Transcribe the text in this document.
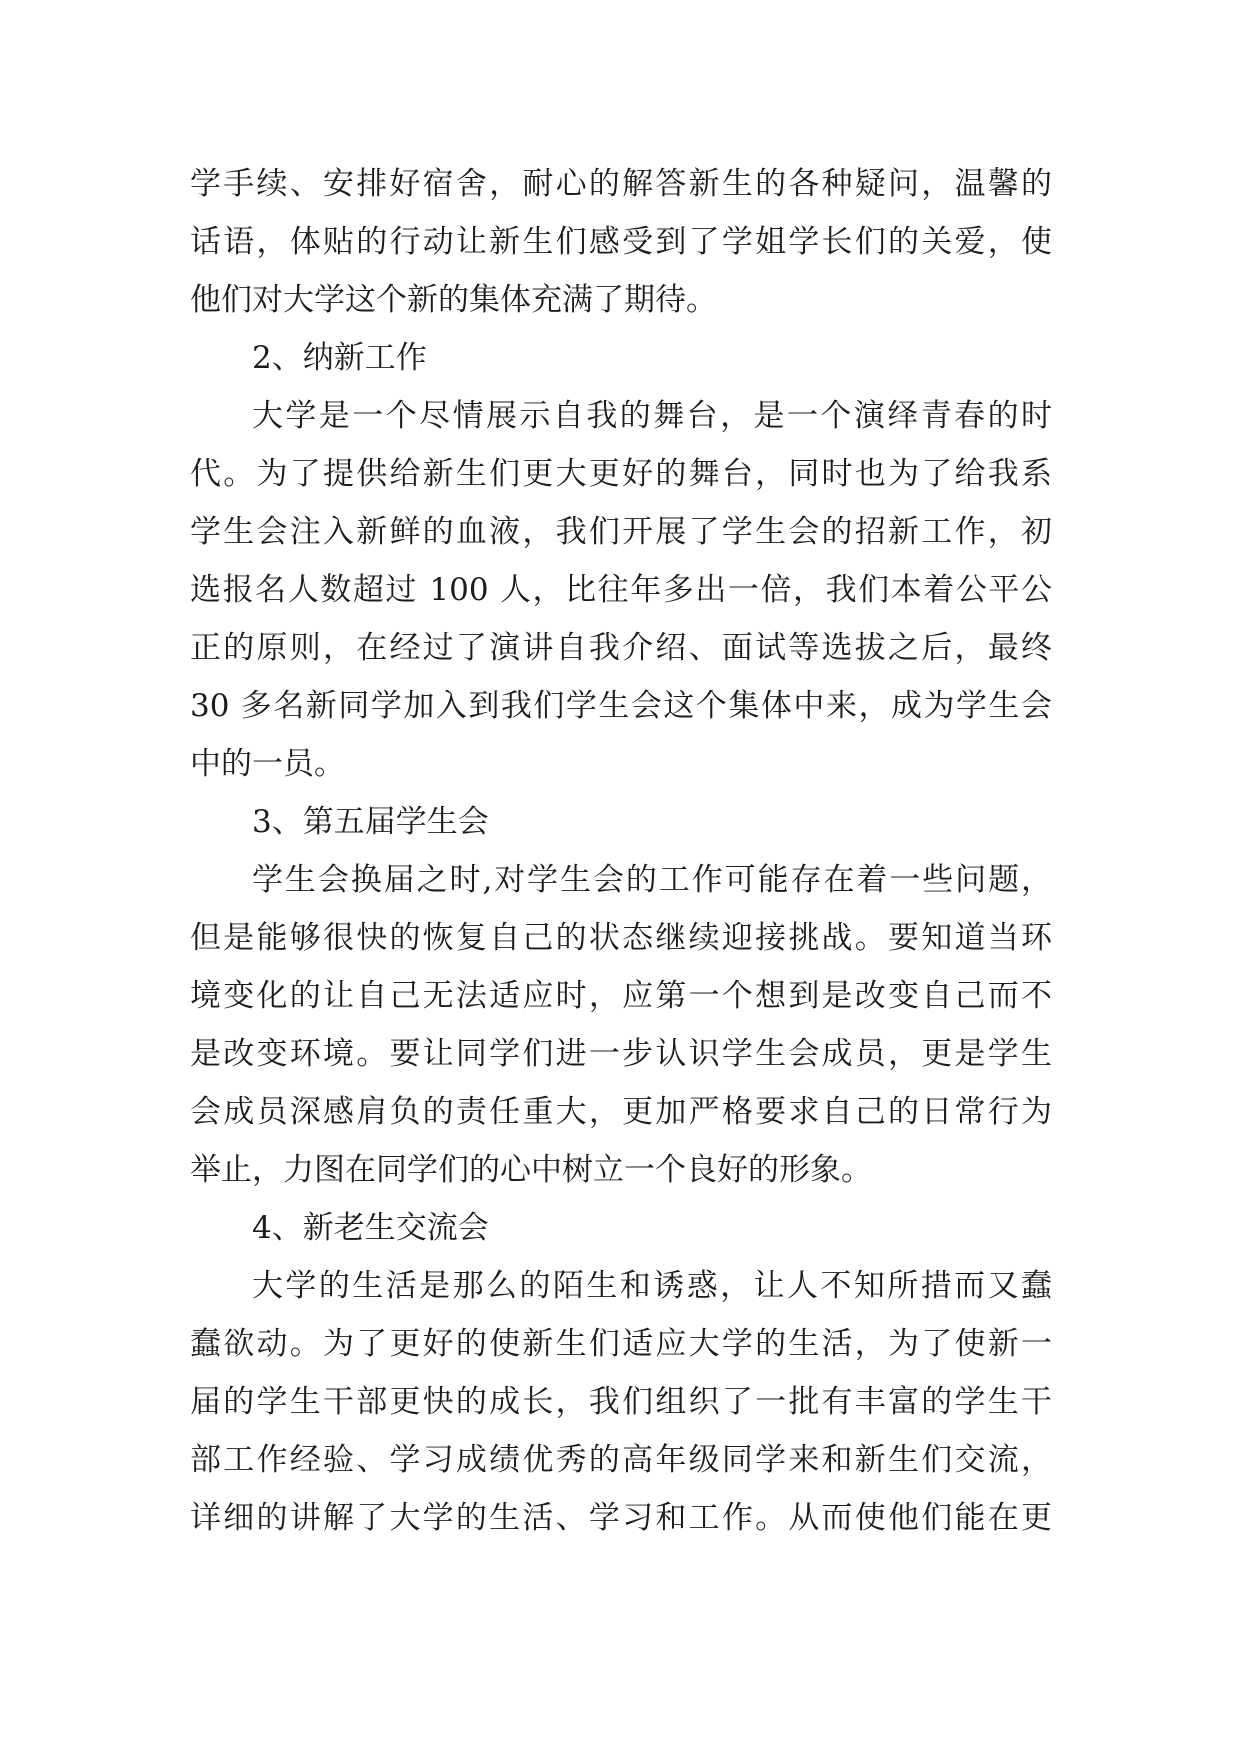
学手续、安排好宿舍，耐心的解答新生的各种疑问，温馨的
话语，体贴的行动让新生们感受到了学姐学长们的关爱，使
他们对大学这个新的集体充满了期待。
2、纳新工作
大学是一个尽情展示自我的舞台，是一个演绎青春的时
代。为了提供给新生们更大更好的舞台，同时也为了给我系
学生会注入新鲜的血液，我们开展了学生会的招新工作，初
选报名人数超过 100 人，比往年多出一倍，我们本着公平公
正的原则，在经过了演讲自我介绍、面试等选拔之后，最终
30 多名新同学加入到我们学生会这个集体中来，成为学生会
中的一员。
3、第五届学生会
学生会换届之时,对学生会的工作可能存在着一些问题，
但是能够很快的恢复自己的状态继续迎接挑战。要知道当环
境变化的让自己无法适应时，应第一个想到是改变自己而不
是改变环境。要让同学们进一步认识学生会成员，更是学生
会成员深感肩负的责任重大，更加严格要求自己的日常行为
举止，力图在同学们的心中树立一个良好的形象。
4、新老生交流会
大学的生活是那么的陌生和诱惑，让人不知所措而又蠢
蠢欲动。为了更好的使新生们适应大学的生活，为了使新一
届的学生干部更快的成长，我们组织了一批有丰富的学生干
部工作经验、学习成绩优秀的高年级同学来和新生们交流，
详细的讲解了大学的生活、学习和工作。从而使他们能在更
